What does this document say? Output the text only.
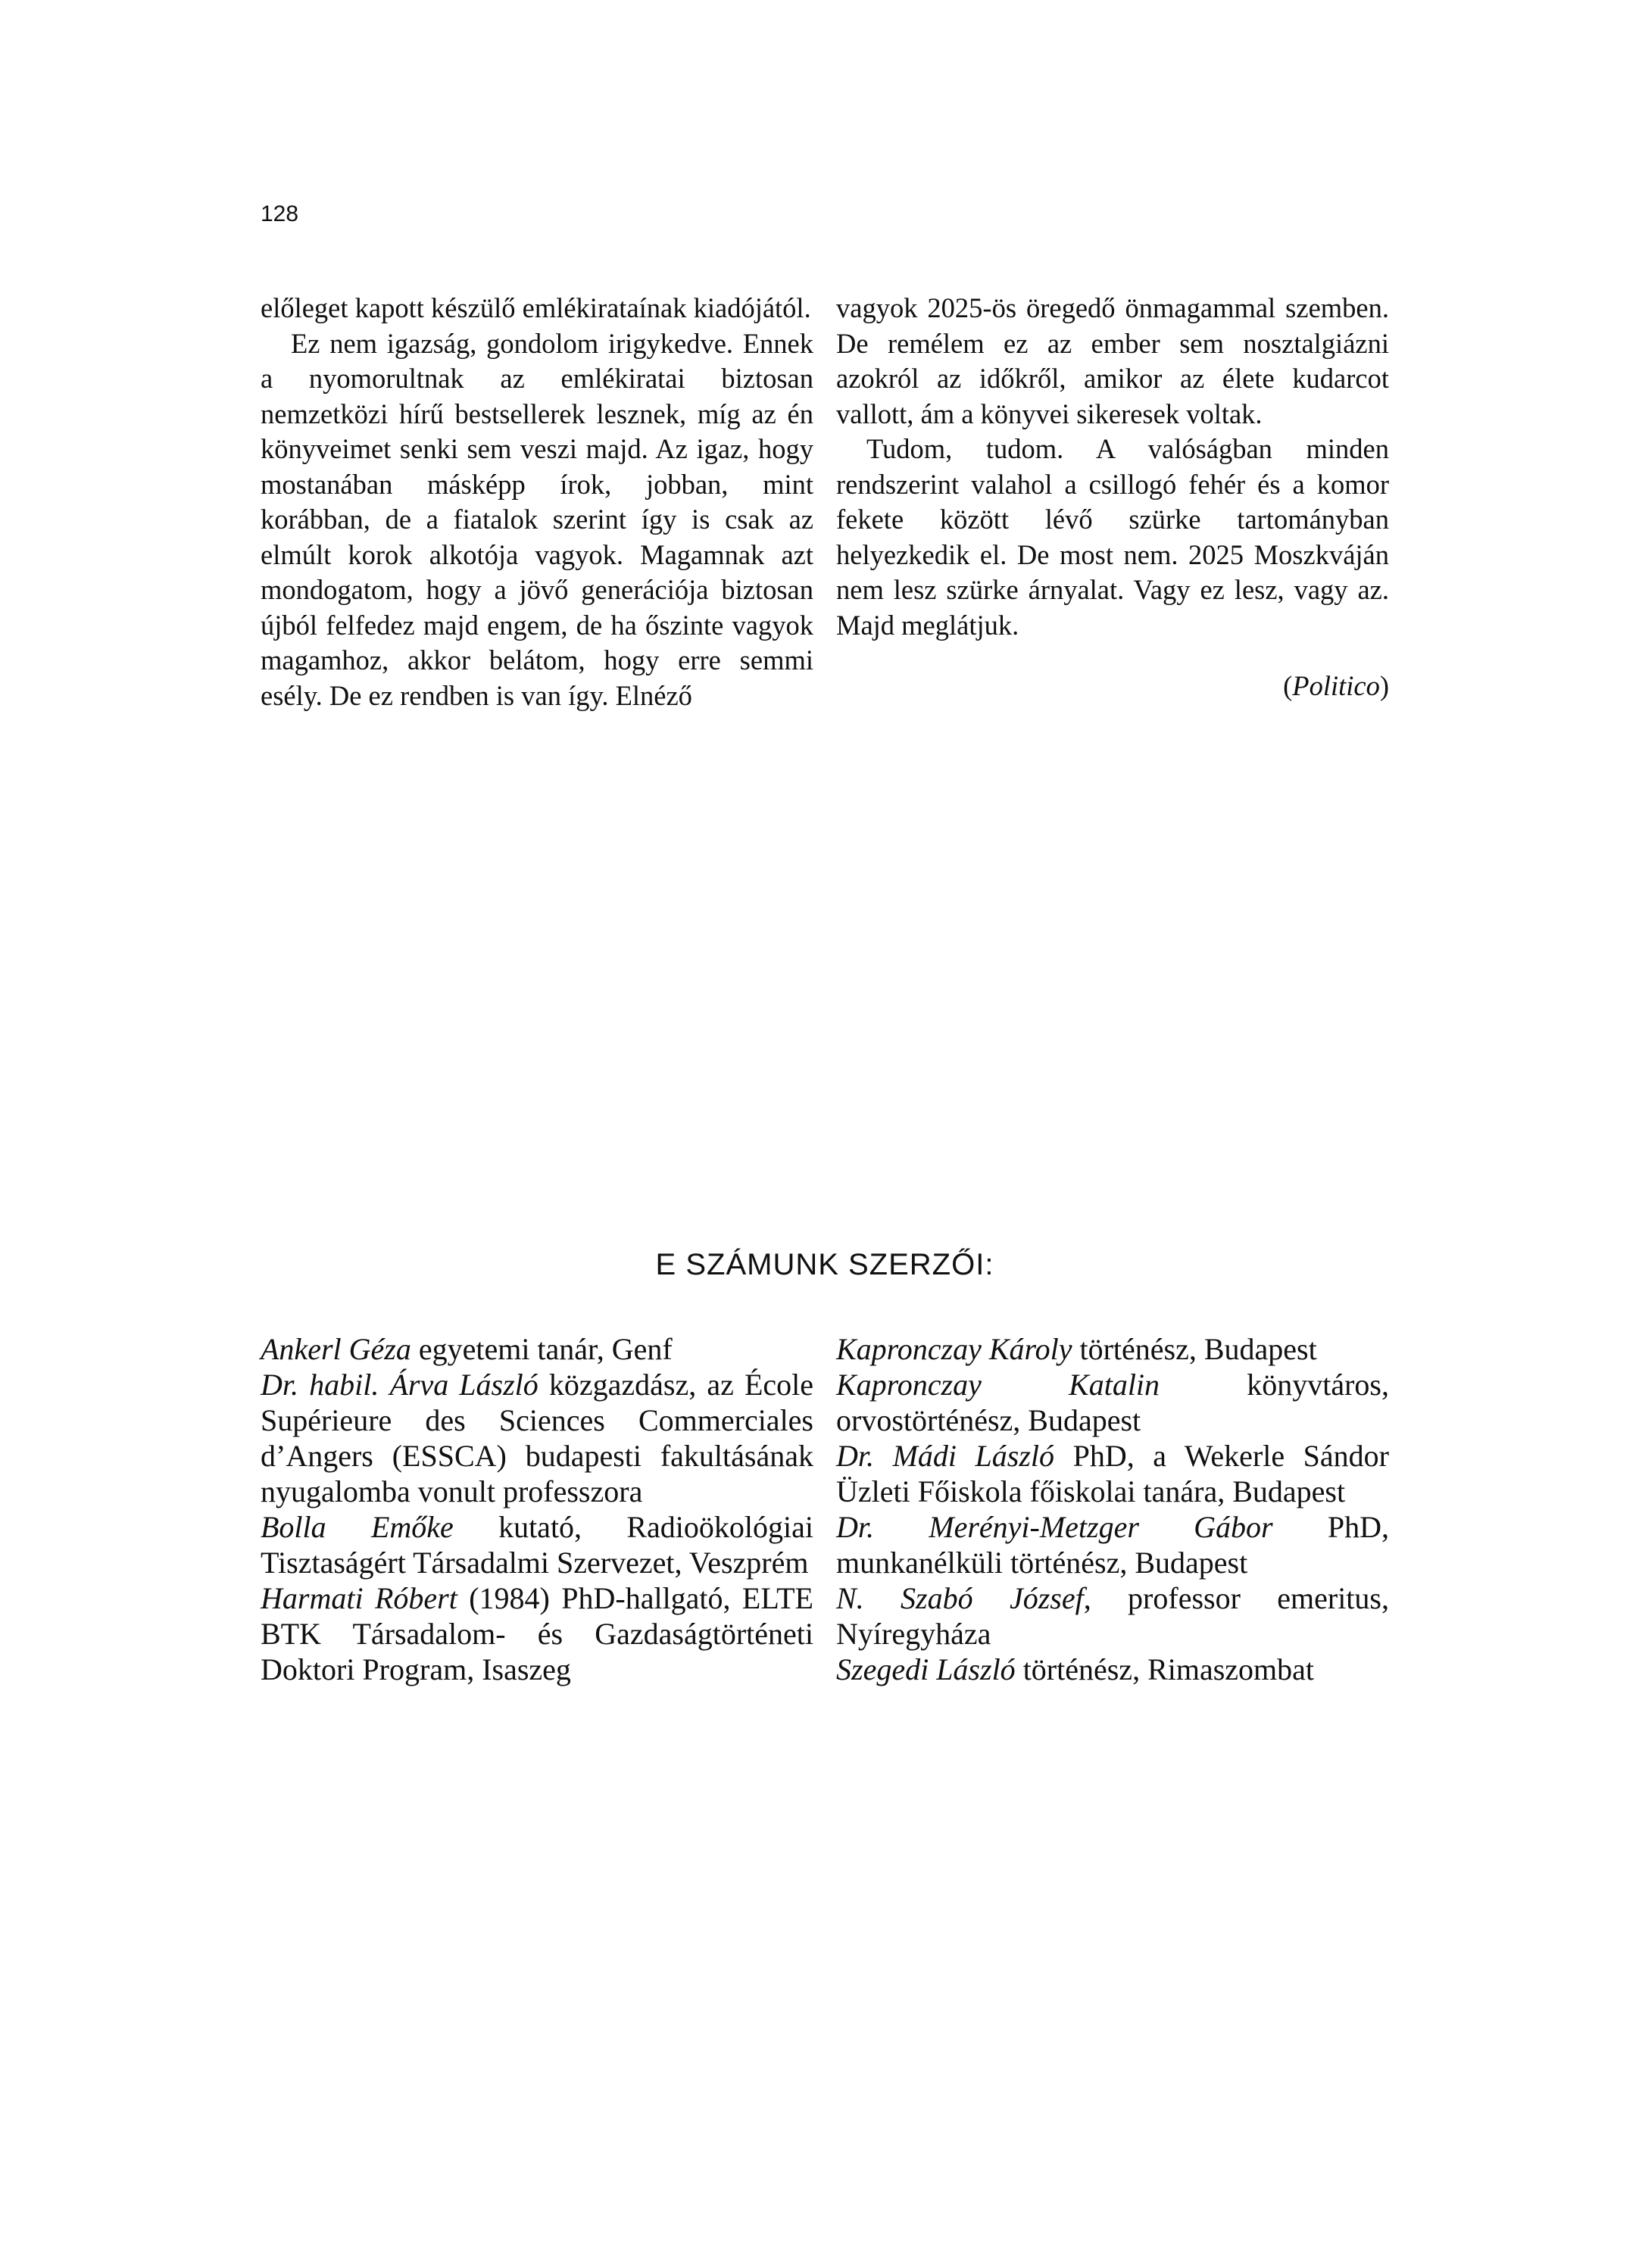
128

előleget kapott készülő emlékirataínak kiadójától.

Ez nem igazság, gondolom irigykedve. Ennek a nyomorultnak az emlékiratai biztosan nemzetközi hírű bestsellerek lesznek, míg az én könyveimet senki sem veszi majd. Az igaz, hogy mostanában másképp írok, jobban, mint korábban, de a fiatalok szerint így is csak az elmúlt korok alkotója vagyok. Magamnak azt mondogatom, hogy a jövő generációja biztosan újból felfedez majd engem, de ha őszinte vagyok magamhoz, akkor belátom, hogy erre semmi esély. De ez rendben is van így. Elnéző

vagyok 2025-ös öregedő önmagammal szemben. De remélem ez az ember sem nosztalgiázni azokról az időkről, amikor az élete kudarcot vallott, ám a könyvei sikeresek voltak.

Tudom, tudom. A valóságban minden rendszerint valahol a csillogó fehér és a komor fekete között lévő szürke tartományban helyezkedik el. De most nem. 2025 Moszkváján nem lesz szürke árnyalat. Vagy ez lesz, vagy az. Majd meglátjuk.

(Politico)
E SZÁMUNK SZERZŐI:

Ankerl Géza egyetemi tanár, Genf

Dr. habil. Árva László közgazdász, az École Supérieure des Sciences Commerciales d’Angers (ESSCA) budapesti fakultásának nyugalomba vonult professzora

Bolla Emőke kutató, Radioökológiai Tisztaságért Társadalmi Szervezet, Veszprém

Harmati Róbert (1984) PhD-hallgató, ELTE BTK Társadalom- és Gazdaságtörténeti Doktori Program, Isaszeg

Kapronczay Károly történész, Budapest

Kapronczay Katalin könyvtáros, orvostörténész, Budapest

Dr. Mádi László PhD, a Wekerle Sándor Üzleti Főiskola főiskolai tanára, Budapest

Dr. Merényi-Metzger Gábor PhD, munkanélküli történész, Budapest

N. Szabó József, professor emeritus, Nyíregyháza

Szegedi László történész, Rimaszombat
